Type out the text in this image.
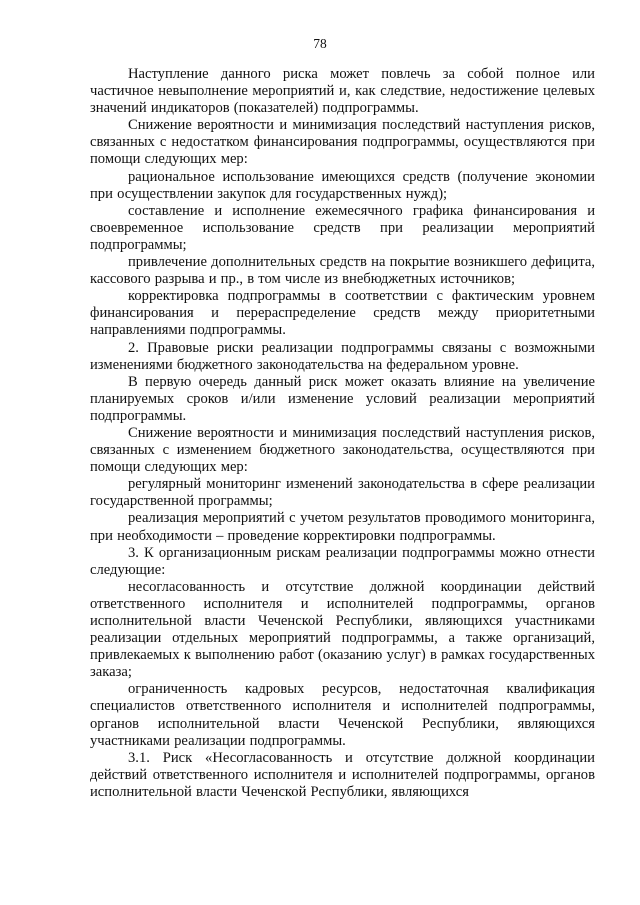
78

Наступление данного риска может повлечь за собой полное или частичное невыполнение мероприятий и, как следствие, недостижение целевых значений индикаторов (показателей) подпрограммы.

Снижение вероятности и минимизация последствий наступления рисков, связанных с недостатком финансирования подпрограммы, осуществляются при помощи следующих мер:

рациональное использование имеющихся средств (получение экономии при осуществлении закупок для государственных нужд);

составление и исполнение ежемесячного графика финансирования и своевременное использование средств при реализации мероприятий подпрограммы;

привлечение дополнительных средств на покрытие возникшего дефицита, кассового разрыва и пр., в том числе из внебюджетных источников;

корректировка подпрограммы в соответствии с фактическим уровнем финансирования и перераспределение средств между приоритетными направлениями подпрограммы.

2. Правовые риски реализации подпрограммы связаны с возможными изменениями бюджетного законодательства на федеральном уровне.

В первую очередь данный риск может оказать влияние на увеличение планируемых сроков и/или изменение условий реализации мероприятий подпрограммы.

Снижение вероятности и минимизация последствий наступления рисков, связанных с изменением бюджетного законодательства, осуществляются при помощи следующих мер:

регулярный мониторинг изменений законодательства в сфере реализации государственной программы;

реализация мероприятий с учетом результатов проводимого мониторинга, при необходимости – проведение корректировки подпрограммы.

3. К организационным рискам реализации подпрограммы можно отнести следующие:

несогласованность и отсутствие должной координации действий ответственного исполнителя и исполнителей подпрограммы, органов исполнительной власти Чеченской Республики, являющихся участниками реализации отдельных мероприятий подпрограммы, а также организаций, привлекаемых к выполнению работ (оказанию услуг) в рамках государственных заказа;

ограниченность кадровых ресурсов, недостаточная квалификация специалистов ответственного исполнителя и исполнителей подпрограммы, органов исполнительной власти Чеченской Республики, являющихся участниками реализации подпрограммы.

3.1. Риск «Несогласованность и отсутствие должной координации действий ответственного исполнителя и исполнителей подпрограммы, органов исполнительной власти Чеченской Республики, являющихся
